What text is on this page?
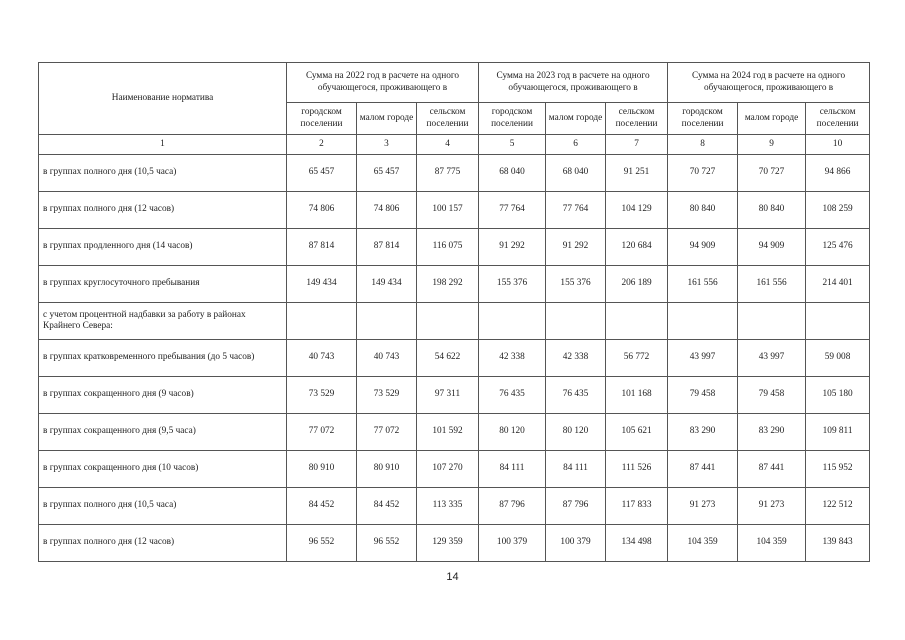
Наименование норматива	Сумма на 2022 год в расчете на одного обучающегося, проживающего в			Сумма на 2023 год в расчете на одного обучающегося, проживающего в			Сумма на 2024 год в расчете на одного обучающегося, проживающего в		
	городском поселении	малом городе	сельском поселении	городском поселении	малом городе	сельском поселении	городском поселении	малом городе	сельском поселении
1	2	3	4	5	6	7	8	9	10
в группах полного дня (10,5 часа)	65 457	65 457	87 775	68 040	68 040	91 251	70 727	70 727	94 866
в группах полного дня (12 часов)	74 806	74 806	100 157	77 764	77 764	104 129	80 840	80 840	108 259
в группах продленного дня (14 часов)	87 814	87 814	116 075	91 292	91 292	120 684	94 909	94 909	125 476
в группах круглосуточного пребывания	149 434	149 434	198 292	155 376	155 376	206 189	161 556	161 556	214 401
с учетом процентной надбавки за работу в районах Крайнего Севера:									
в группах кратковременного пребывания (до 5 часов)	40 743	40 743	54 622	42 338	42 338	56 772	43 997	43 997	59 008
в группах сокращенного дня (9 часов)	73 529	73 529	97 311	76 435	76 435	101 168	79 458	79 458	105 180
в группах сокращенного дня (9,5 часа)	77 072	77 072	101 592	80 120	80 120	105 621	83 290	83 290	109 811
в группах сокращенного дня (10 часов)	80 910	80 910	107 270	84 111	84 111	111 526	87 441	87 441	115 952
в группах полного дня (10,5 часа)	84 452	84 452	113 335	87 796	87 796	117 833	91 273	91 273	122 512
в группах полного дня (12 часов)	96 552	96 552	129 359	100 379	100 379	134 498	104 359	104 359	139 843
14
